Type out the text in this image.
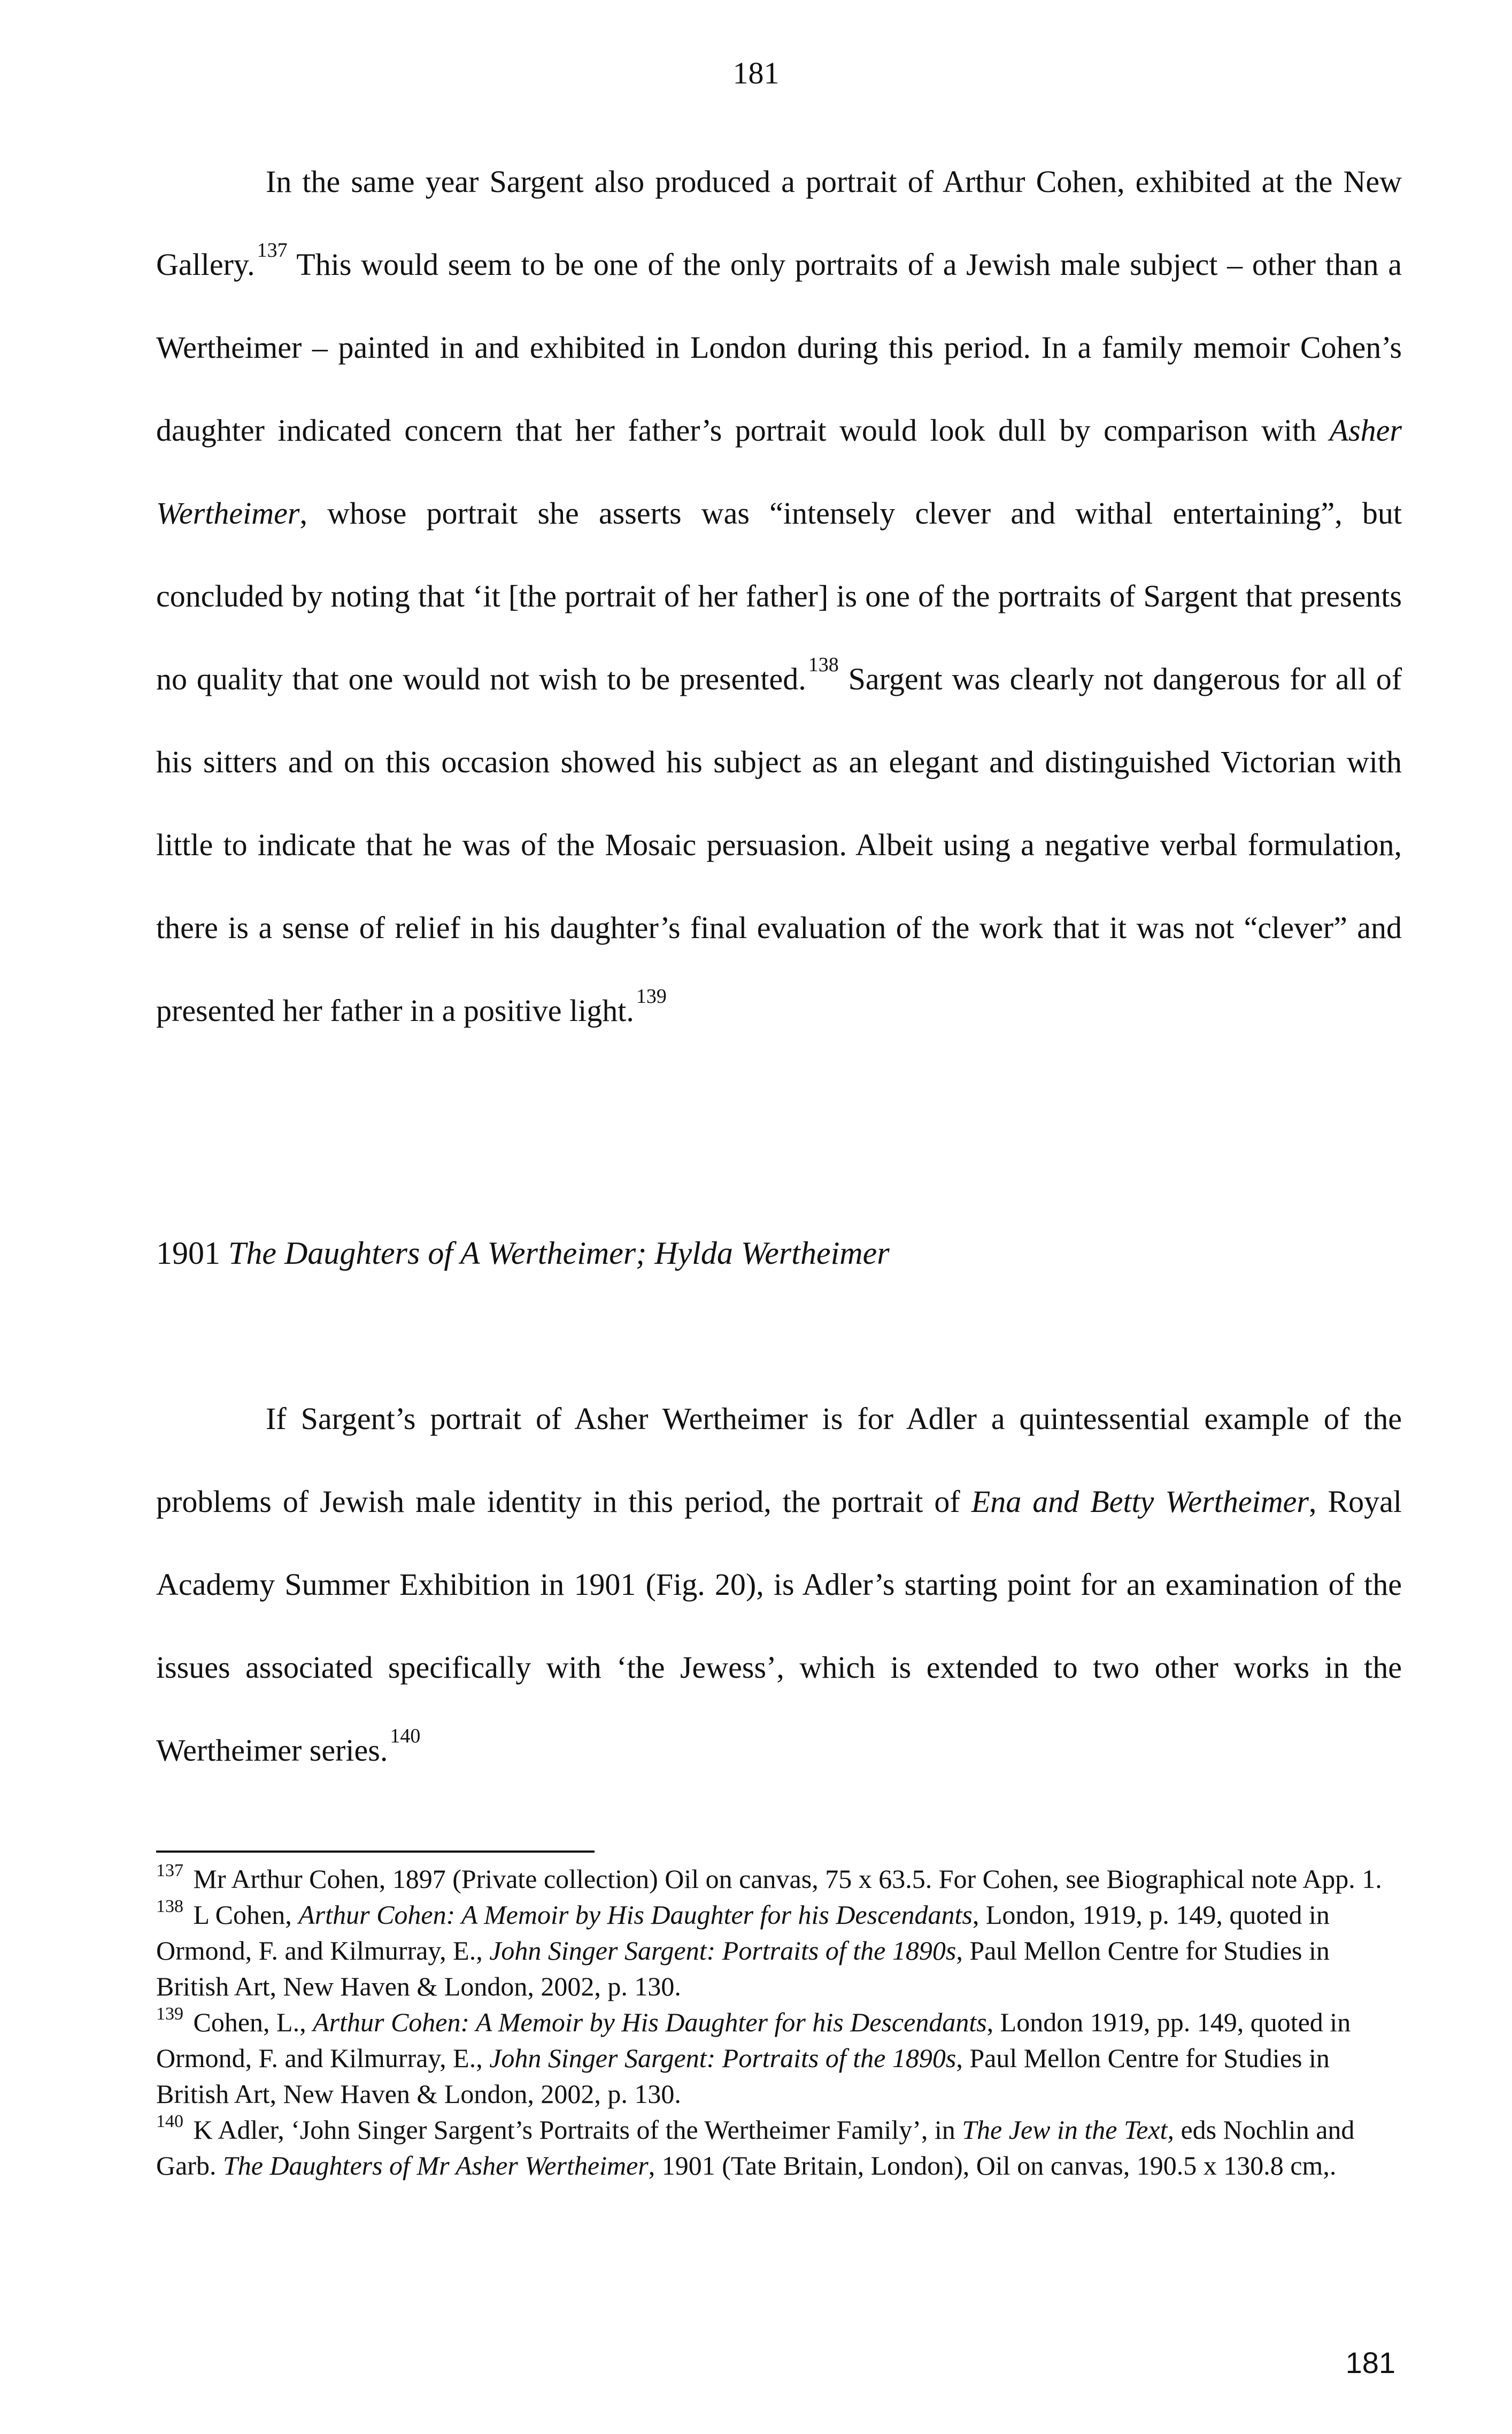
181

In the same year Sargent also produced a portrait of Arthur Cohen, exhibited at the New Gallery. $^{137}$ This would seem to be one of the only portraits of a Jewish male subject – other than a Wertheimer – painted in and exhibited in London during this period. In a family memoir Cohen’s daughter indicated concern that her father’s portrait would look dull by comparison with Asher Wertheimer, whose portrait she asserts was “intensely clever and withal entertaining”, but concluded by noting that ‘it [the portrait of her father] is one of the portraits of Sargent that presents no quality that one would not wish to be presented. $^{138}$ Sargent was clearly not dangerous for all of his sitters and on this occasion showed his subject as an elegant and distinguished Victorian with little to indicate that he was of the Mosaic persuasion. Albeit using a negative verbal formulation, there is a sense of relief in his daughter’s final evaluation of the work that it was not “clever” and presented her father in a positive light. $^{139}$

1901 The Daughters of A Wertheimer; Hylda Wertheimer

If Sargent’s portrait of Asher Wertheimer is for Adler a quintessential example of the problems of Jewish male identity in this period, the portrait of Ena and Betty Wertheimer, Royal Academy Summer Exhibition in 1901 (Fig. 20), is Adler’s starting point for an examination of the issues associated specifically with ‘the Jewess’, which is extended to two other works in the Wertheimer series. $^{140}$

$^{137}$ Mr Arthur Cohen, 1897 (Private collection) Oil on canvas, 75 x 63.5. For Cohen, see Biographical note App. 1.

$^{138}$ L Cohen, Arthur Cohen: A Memoir by His Daughter for his Descendants, London, 1919, p. 149, quoted in Ormond, F. and Kilmurray, E., John Singer Sargent: Portraits of the 1890s, Paul Mellon Centre for Studies in British Art, New Haven & London, 2002, p. 130.

$^{139}$ Cohen, L., Arthur Cohen: A Memoir by His Daughter for his Descendants, London 1919, pp. 149, quoted in Ormond, F. and Kilmurray, E., John Singer Sargent: Portraits of the 1890s, Paul Mellon Centre for Studies in British Art, New Haven & London, 2002, p. 130.

$^{140}$ K Adler, ‘John Singer Sargent’s Portraits of the Wertheimer Family’, in The Jew in the Text, eds Nochlin and Garb. The Daughters of Mr Asher Wertheimer, 1901 (Tate Britain, London), Oil on canvas, 190.5 x 130.8 cm,.

181
